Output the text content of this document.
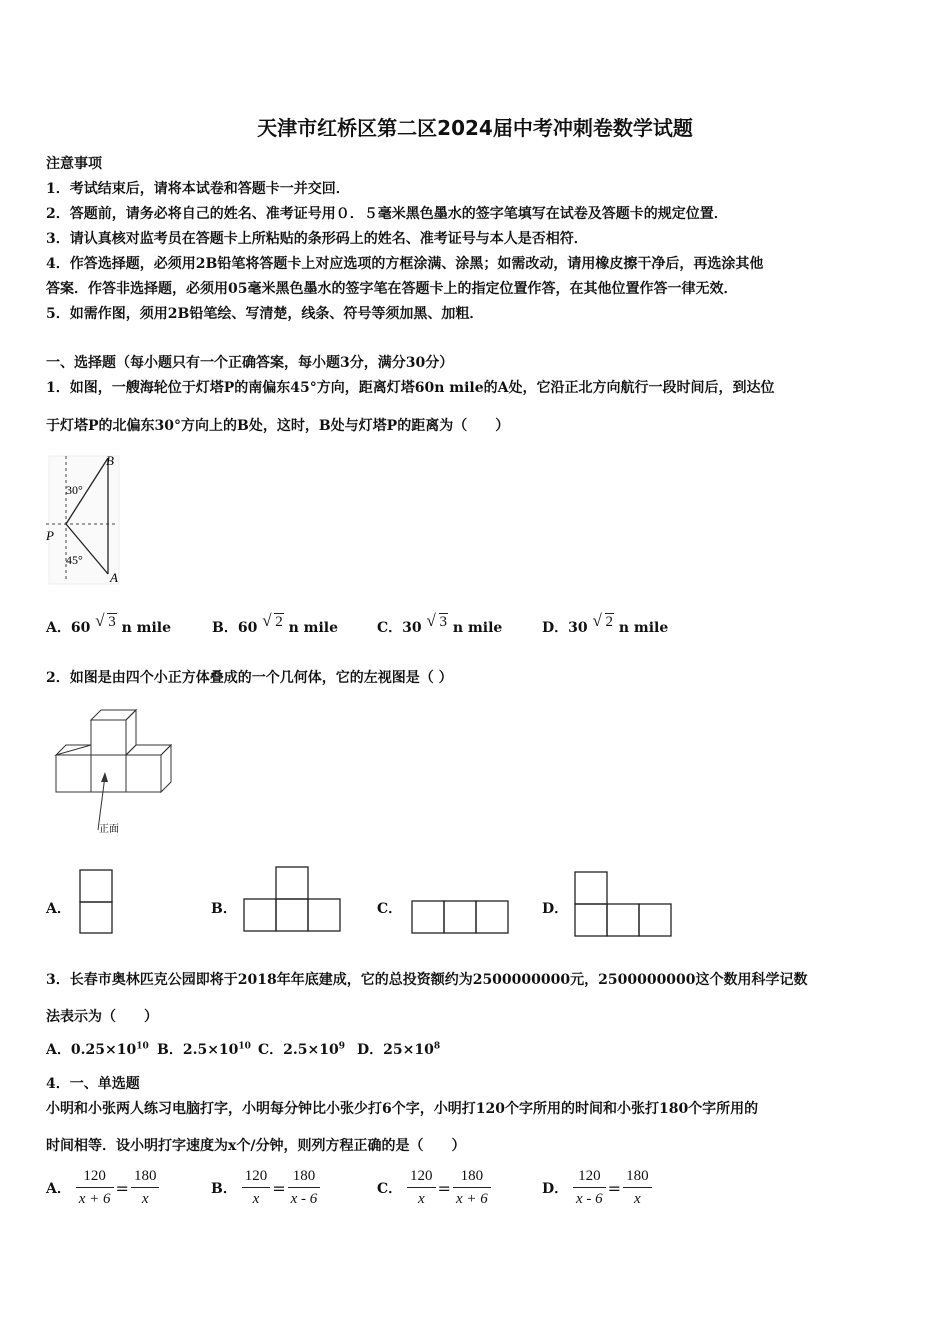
天津市红桥区第二区2024届中考冲刺卷数学试题
注意事项
1．考试结束后，请将本试卷和答题卡一并交回．
2．答题前，请务必将自己的姓名、准考证号用０．５毫米黑色墨水的签字笔填写在试卷及答题卡的规定位置．
3．请认真核对监考员在答题卡上所粘贴的条形码上的姓名、准考证号与本人是否相符．
4．作答选择题，必须用2B铅笔将答题卡上对应选项的方框涂满、涂黑；如需改动，请用橡皮擦干净后，再选涂其他
答案．作答非选择题，必须用05毫米黑色墨水的签字笔在答题卡上的指定位置作答，在其他位置作答一律无效．
5．如需作图，须用2B铅笔绘、写清楚，线条、符号等须加黑、加粗．
一、选择题（每小题只有一个正确答案，每小题3分，满分30分）
1．如图，一艘海轮位于灯塔P的南偏东45°方向，距离灯塔60n mile的A处，它沿正北方向航行一段时间后，到达位
于灯塔P的北偏东30°方向上的B处，这时，B处与灯塔P的距离为（　　）
B
P
A
30°
45°
A．60 √ 3 n mile	B．60 √ 2 n mile	C．30 √ 3 n mile	D．30 √ 2 n mile
2．如图是由四个小正方体叠成的一个几何体，它的左视图是（ ）
正面
A．	B．	C．	D．
3．长春市奥林匹克公园即将于2018年年底建成，它的总投资额约为2500000000元，2500000000这个数用科学记数
法表示为（　　）
A．$0.25\times 10^{10}$ B．$2.5\times 10^{10}$ C．$2.5\times 10^9$ D．$25\times 10^8$
4．一、单选题
小明和小张两人练习电脑打字，小明每分钟比小张少打6个字，小明打120个字所用的时间和小张打180个字所用的
时间相等．设小明打字速度为x个/分钟，则列方程正确的是（　　）
A． $\frac{120}{x + 6} = \frac{180}{x}$	B． $\frac{120}{x} = \frac{180}{x - 6}$	C． $\frac{120}{x} = \frac{180}{x + 6}$	D． $\frac{120}{x - 6} = \frac{180}{x}$
